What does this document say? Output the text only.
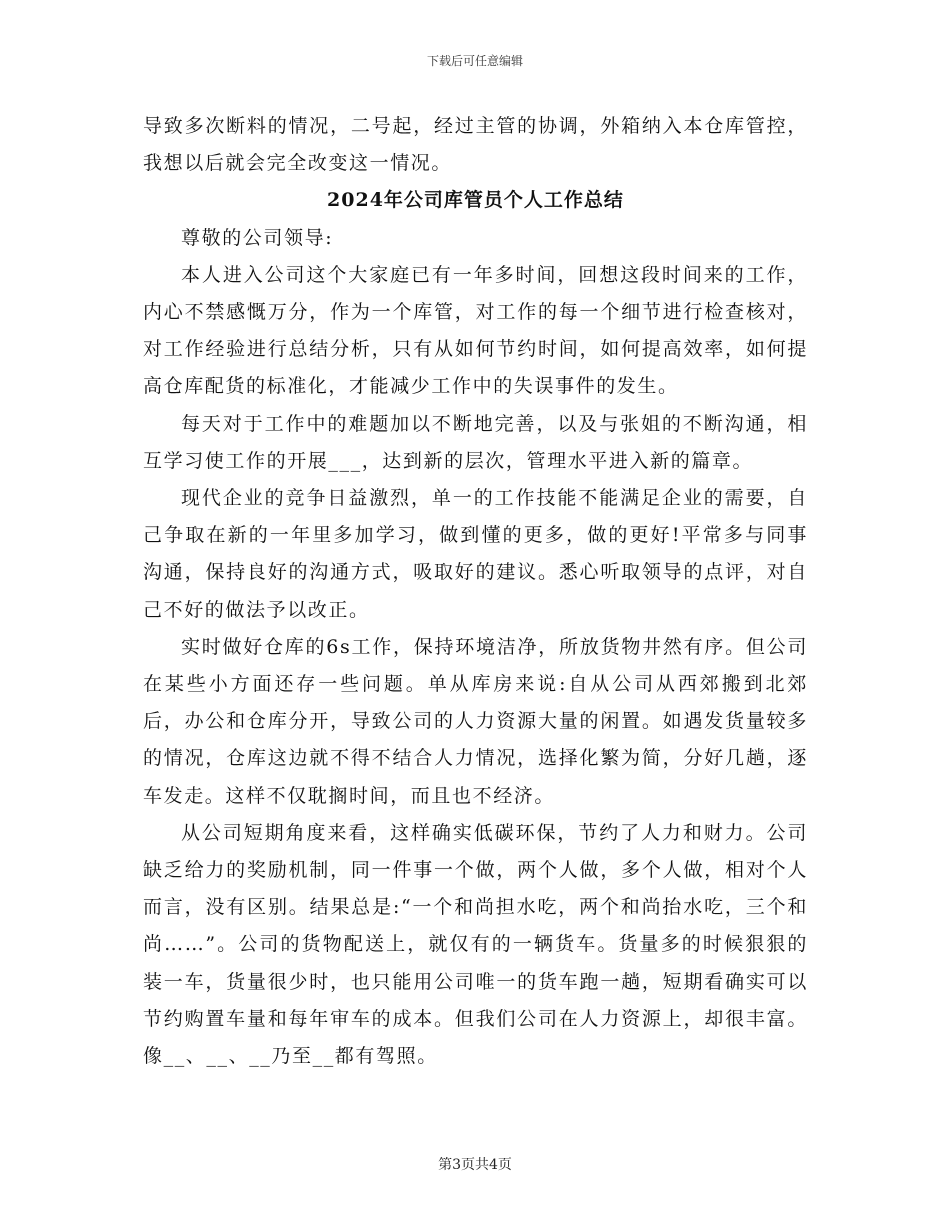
下载后可任意编辑

导致多次断料的情况，二号起，经过主管的协调，外箱纳入本仓库管控，我想以后就会完全改变这一情况。

2024年公司库管员个人工作总结

尊敬的公司领导:

本人进入公司这个大家庭已有一年多时间，回想这段时间来的工作，内心不禁感慨万分，作为一个库管，对工作的每一个细节进行检查核对，对工作经验进行总结分析，只有从如何节约时间，如何提高效率，如何提高仓库配货的标准化，才能减少工作中的失误事件的发生。

每天对于工作中的难题加以不断地完善，以及与张姐的不断沟通，相互学习使工作的开展___，达到新的层次，管理水平进入新的篇章。

现代企业的竞争日益激烈，单一的工作技能不能满足企业的需要，自己争取在新的一年里多加学习，做到懂的更多，做的更好!平常多与同事沟通，保持良好的沟通方式，吸取好的建议。悉心听取领导的点评，对自己不好的做法予以改正。

实时做好仓库的6s工作，保持环境洁净，所放货物井然有序。但公司在某些小方面还存一些问题。单从库房来说:自从公司从西郊搬到北郊后，办公和仓库分开，导致公司的人力资源大量的闲置。如遇发货量较多的情况，仓库这边就不得不结合人力情况，选择化繁为简，分好几趟，逐车发走。这样不仅耽搁时间，而且也不经济。

从公司短期角度来看，这样确实低碳环保，节约了人力和财力。公司缺乏给力的奖励机制，同一件事一个做，两个人做，多个人做，相对个人而言，没有区别。结果总是:“一个和尚担水吃，两个和尚抬水吃，三个和尚……”。公司的货物配送上，就仅有的一辆货车。货量多的时候狠狠的装一车，货量很少时，也只能用公司唯一的货车跑一趟，短期看确实可以节约购置车量和每年审车的成本。但我们公司在人力资源上，却很丰富。像__、__、__乃至__都有驾照。

第3页共4页
